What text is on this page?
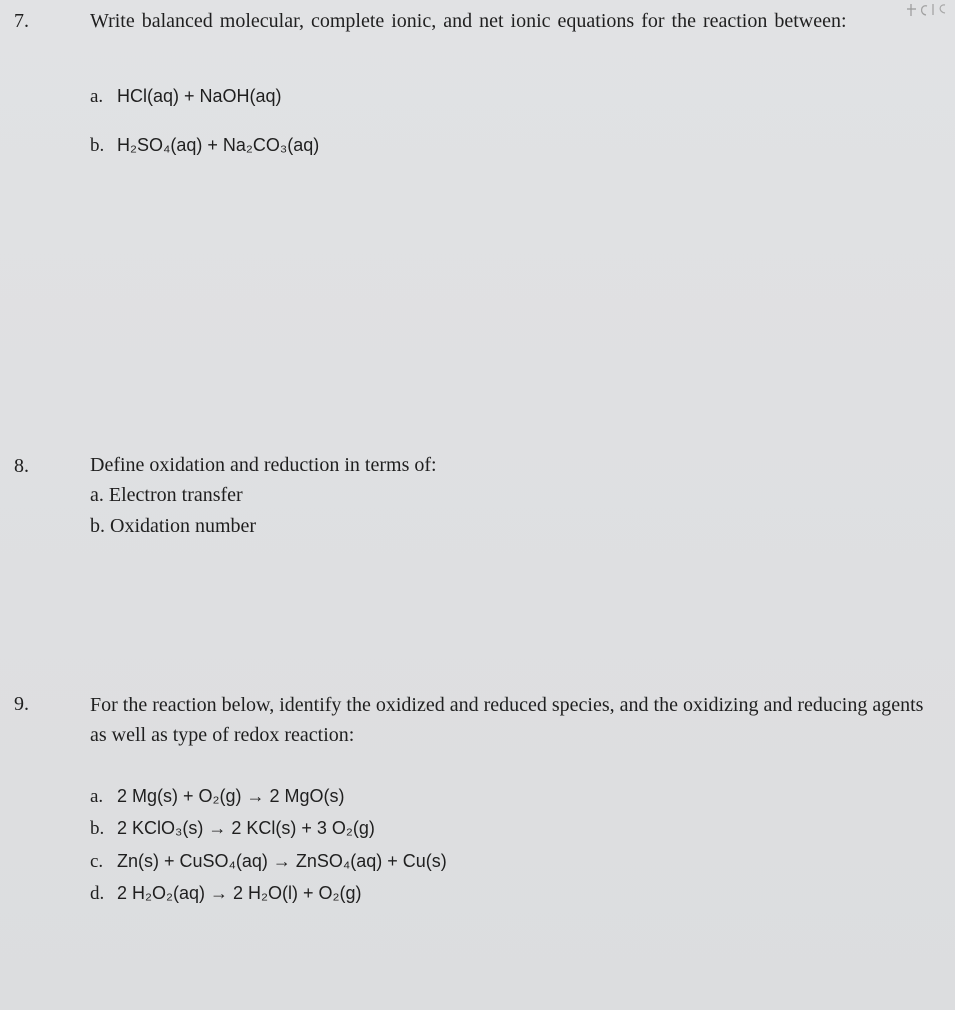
7.	Write balanced molecular, complete ionic, and net ionic equations for the reaction between:
a. HCl(aq) + NaOH(aq)
b. H₂SO₄(aq) + Na₂CO₃(aq)
8.	Define oxidation and reduction in terms of:
a. Electron transfer
b. Oxidation number
9.	For the reaction below, identify the oxidized and reduced species, and the oxidizing and reducing agents as well as type of redox reaction:
a. 2 Mg(s) + O₂(g) → 2 MgO(s)
b. 2 KClO₃(s) → 2 KCl(s) + 3 O₂(g)
c. Zn(s) + CuSO₄(aq) → ZnSO₄(aq) + Cu(s)
d. 2 H₂O₂(aq) → 2 H₂O(l) + O₂(g)
